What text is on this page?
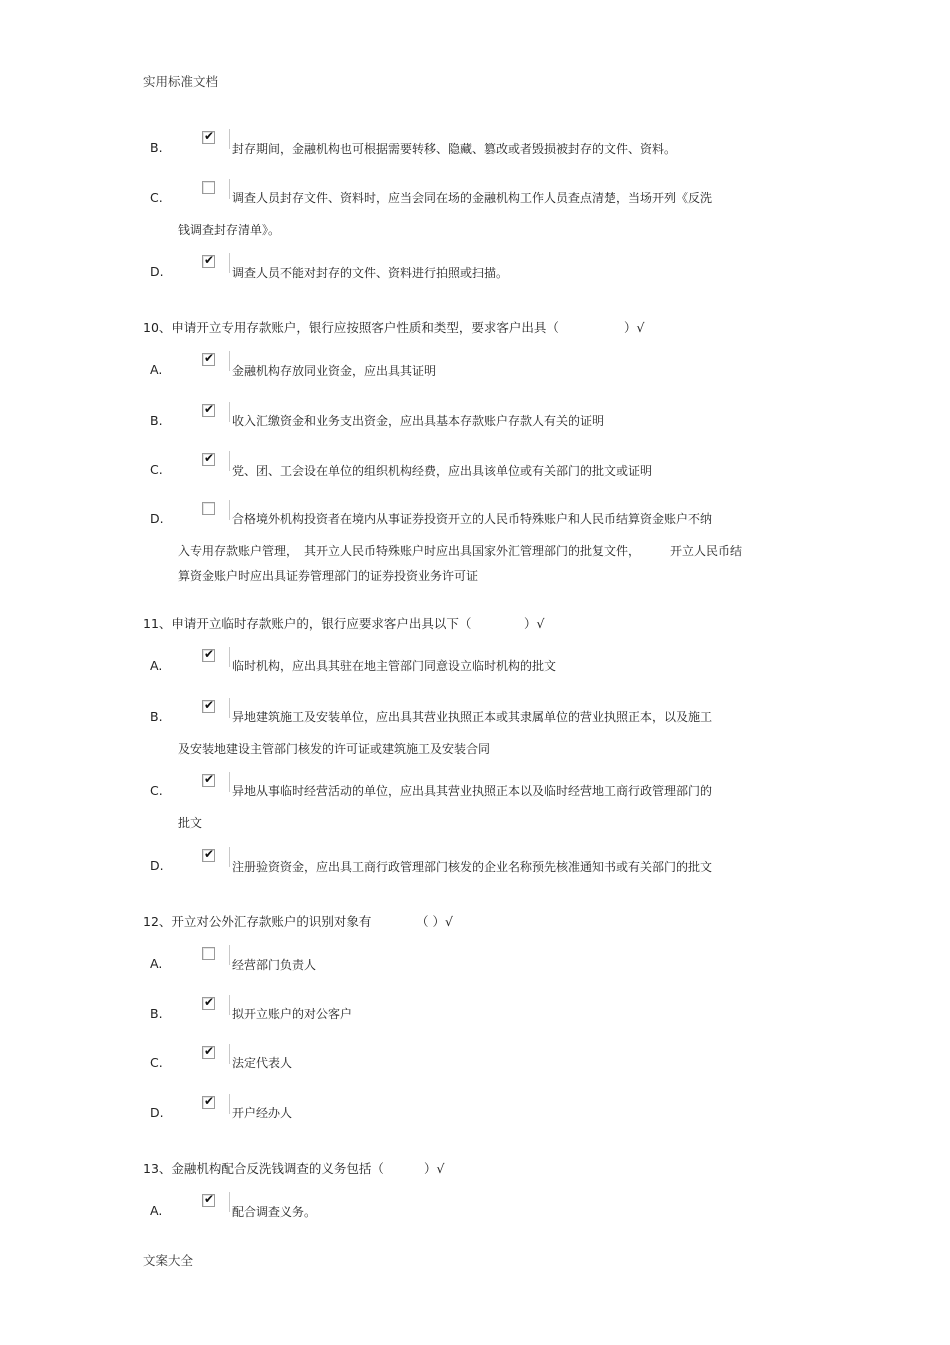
实用标准文档
B.
✔
封存期间，金融机构也可根据需要转移、隐藏、篡改或者毁损被封存的文件、资料。
C.	调查人员封存文件、资料时，应当会同在场的金融机构工作人员查点清楚，当场开列《反洗
钱调查封存清单》。
D.
✔
调查人员不能对封存的文件、资料进行拍照或扫描。
10、申请开立专用存款账户，银行应按照客户性质和类型，要求客户出具（	）√
A.
✔
金融机构存放同业资金，应出具其证明
B.
✔
收入汇缴资金和业务支出资金，应出具基本存款账户存款人有关的证明
C.
✔
党、团、工会设在单位的组织机构经费，应出具该单位或有关部门的批文或证明
D.	合格境外机构投资者在境内从事证券投资开立的人民币特殊账户和人民币结算资金账户不纳
入专用存款账户管理，　其开立人民币特殊账户时应出具国家外汇管理部门的批复文件，　　　开立人民币结
算资金账户时应出具证券管理部门的证券投资业务许可证
11、申请开立临时存款账户的，银行应要求客户出具以下（	）√
A.
✔
临时机构，应出具其驻在地主管部门同意设立临时机构的批文
B.
✔
异地建筑施工及安装单位，应出具其营业执照正本或其隶属单位的营业执照正本，以及施工
及安装地建设主管部门核发的许可证或建筑施工及安装合同
C.
✔
异地从事临时经营活动的单位，应出具其营业执照正本以及临时经营地工商行政管理部门的
批文
D.
✔
注册验资资金，应出具工商行政管理部门核发的企业名称预先核准通知书或有关部门的批文
12、开立对公外汇存款账户的识别对象有	（ ）√
A.	经营部门负责人
B.
✔
拟开立账户的对公客户
C.
✔
法定代表人
D.
✔
开户经办人
13、金融机构配合反洗钱调查的义务包括（	）√
A.
✔
配合调查义务。
文案大全
